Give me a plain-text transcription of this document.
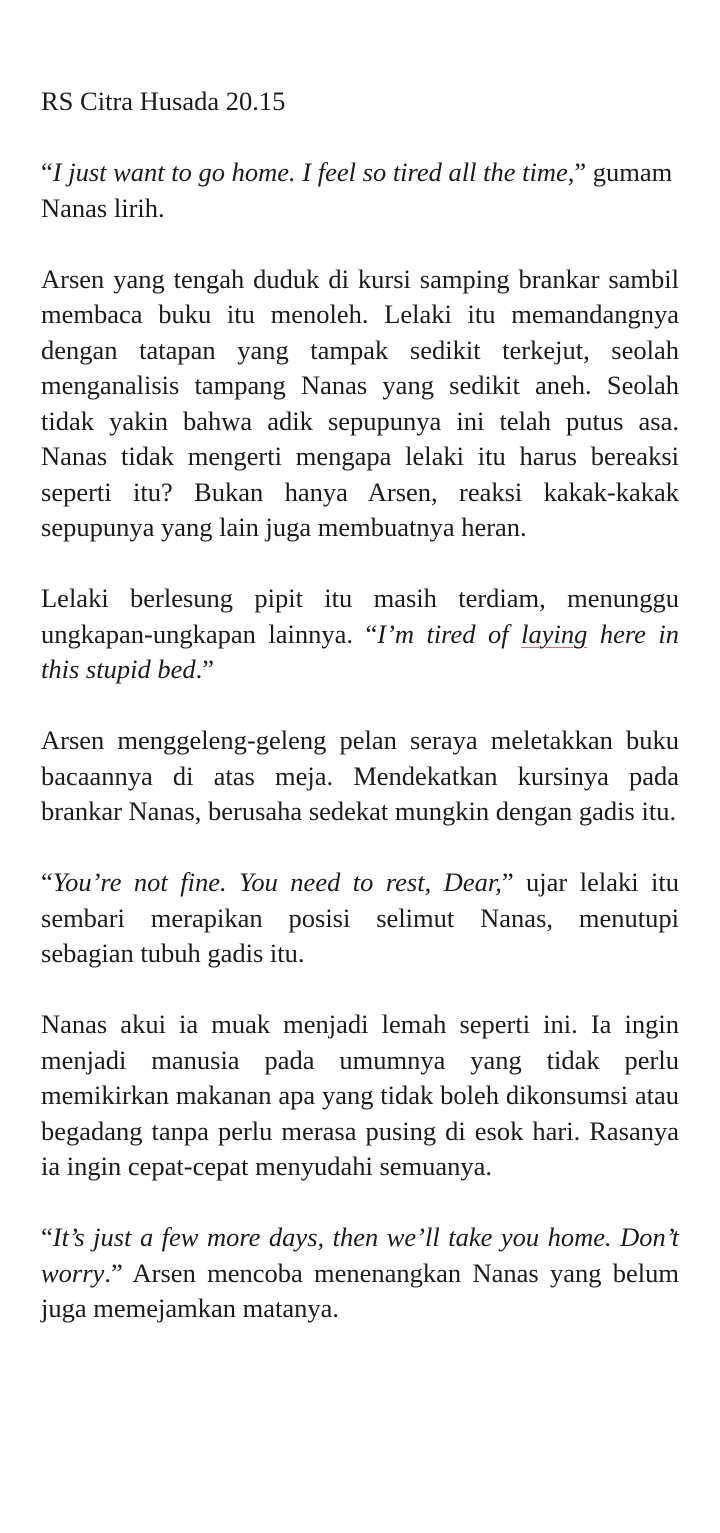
RS Citra Husada 20.15

“I just want to go home. I feel so tired all the time,” gumam Nanas lirih.

Arsen yang tengah duduk di kursi samping brankar sambil membaca buku itu menoleh. Lelaki itu memandangnya dengan tatapan yang tampak sedikit terkejut, seolah menganalisis tampang Nanas yang sedikit aneh. Seolah tidak yakin bahwa adik sepupunya ini telah putus asa. Nanas tidak mengerti mengapa lelaki itu harus bereaksi seperti itu? Bukan hanya Arsen, reaksi kakak-kakak sepupunya yang lain juga membuatnya heran.

Lelaki berlesung pipit itu masih terdiam, menunggu ungkapan-ungkapan lainnya. “I’m tired of laying here in this stupid bed.”

Arsen menggeleng-geleng pelan seraya meletakkan buku bacaannya di atas meja. Mendekatkan kursinya pada brankar Nanas, berusaha sedekat mungkin dengan gadis itu.

“You’re not fine. You need to rest, Dear,” ujar lelaki itu sembari merapikan posisi selimut Nanas, menutupi sebagian tubuh gadis itu.

Nanas akui ia muak menjadi lemah seperti ini. Ia ingin menjadi manusia pada umumnya yang tidak perlu memikirkan makanan apa yang tidak boleh dikonsumsi atau begadang tanpa perlu merasa pusing di esok hari. Rasanya ia ingin cepat-cepat menyudahi semuanya.

“It’s just a few more days, then we’ll take you home. Don’t worry.” Arsen mencoba menenangkan Nanas yang belum juga memejamkan matanya.
